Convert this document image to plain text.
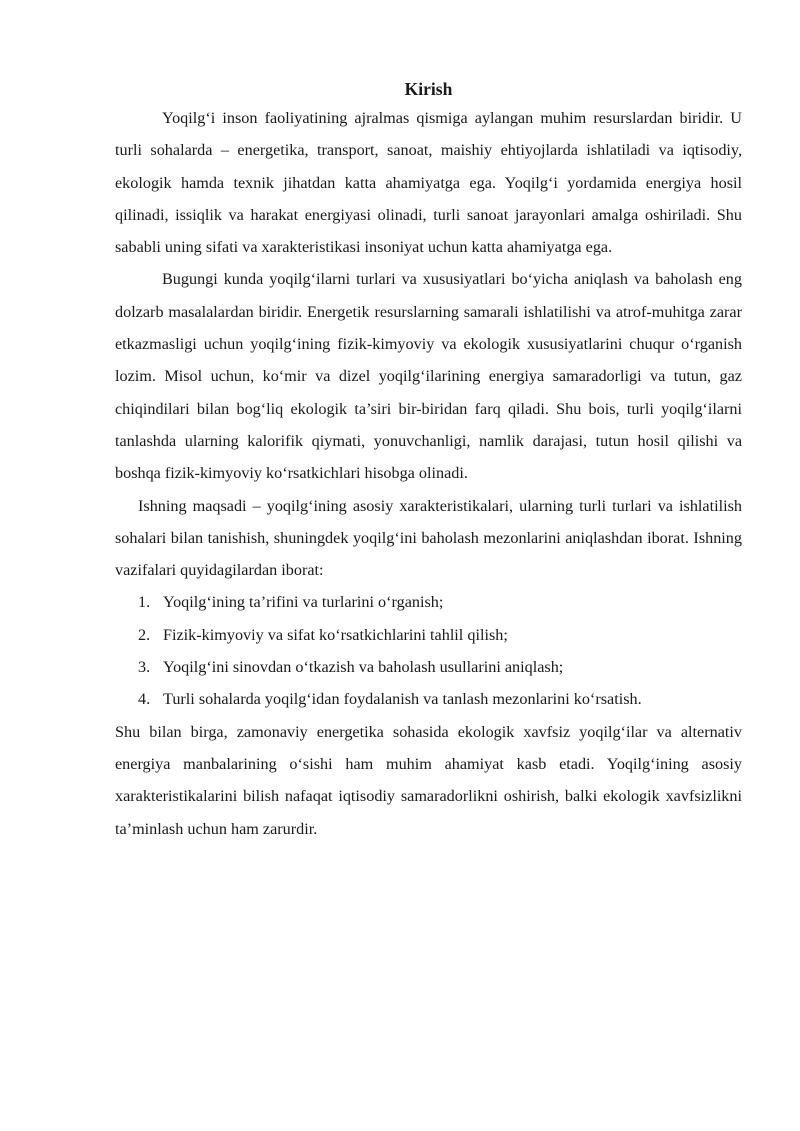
Kirish

Yoqilg‘i inson faoliyatining ajralmas qismiga aylangan muhim resurslardan biridir. U turli sohalarda – energetika, transport, sanoat, maishiy ehtiyojlarda ishlatiladi va iqtisodiy, ekologik hamda texnik jihatdan katta ahamiyatga ega. Yoqilg‘i yordamida energiya hosil qilinadi, issiqlik va harakat energiyasi olinadi, turli sanoat jarayonlari amalga oshiriladi. Shu sababli uning sifati va xarakteristikasi insoniyat uchun katta ahamiyatga ega.

Bugungi kunda yoqilg‘ilarni turlari va xususiyatlari bo‘yicha aniqlash va baholash eng dolzarb masalalardan biridir. Energetik resurslarning samarali ishlatilishi va atrof-muhitga zarar etkazmasligi uchun yoqilg‘ining fizik-kimyoviy va ekologik xususiyatlarini chuqur o‘rganish lozim. Misol uchun, ko‘mir va dizel yoqilg‘ilarining energiya samaradorligi va tutun, gaz chiqindilari bilan bog‘liq ekologik ta’siri bir-biridan farq qiladi. Shu bois, turli yoqilg‘ilarni tanlashda ularning kalorifik qiymati, yonuvchanligi, namlik darajasi, tutun hosil qilishi va boshqa fizik-kimyoviy ko‘rsatkichlari hisobga olinadi.

Ishning maqsadi – yoqilg‘ining asosiy xarakteristikalari, ularning turli turlari va ishlatilish sohalari bilan tanishish, shuningdek yoqilg‘ini baholash mezonlarini aniqlashdan iborat. Ishning vazifalari quyidagilardan iborat:

1. Yoqilg‘ining ta’rifini va turlarini o‘rganish;
2. Fizik-kimyoviy va sifat ko‘rsatkichlarini tahlil qilish;
3. Yoqilg‘ini sinovdan o‘tkazish va baholash usullarini aniqlash;
4. Turli sohalarda yoqilg‘idan foydalanish va tanlash mezonlarini ko‘rsatish.

Shu bilan birga, zamonaviy energetika sohasida ekologik xavfsiz yoqilg‘ilar va alternativ energiya manbalarining o‘sishi ham muhim ahamiyat kasb etadi. Yoqilg‘ining asosiy xarakteristikalarini bilish nafaqat iqtisodiy samaradorlikni oshirish, balki ekologik xavfsizlikni ta’minlash uchun ham zarurdir.
